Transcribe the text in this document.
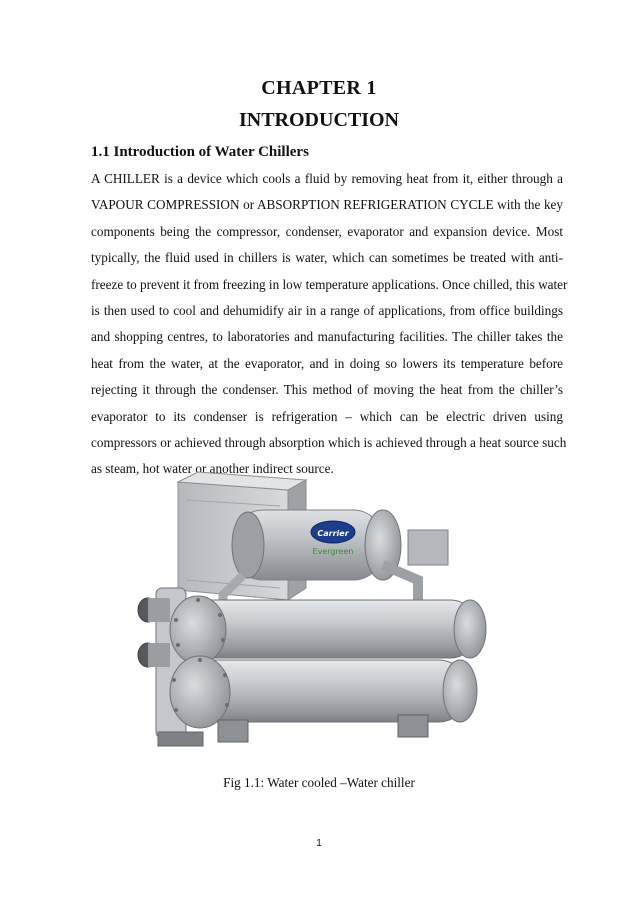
CHAPTER 1
INTRODUCTION
1.1 Introduction of Water Chillers
A CHILLER is a device which cools a fluid by removing heat from it, either through a
VAPOUR COMPRESSION or ABSORPTION REFRIGERATION CYCLE with the key
components being the compressor, condenser, evaporator and expansion device. Most
typically, the fluid used in chillers is water, which can sometimes be treated with anti-
freeze to prevent it from freezing in low temperature applications. Once chilled, this water
is then used to cool and dehumidify air in a range of applications, from office buildings
and shopping centres, to laboratories and manufacturing facilities. The chiller takes the
heat from the water, at the evaporator, and in doing so lowers its temperature before
rejecting it through the condenser. This method of moving the heat from the chiller’s
evaporator to its condenser is refrigeration – which can be electric driven using
compressors or achieved through absorption which is achieved through a heat source such
as steam, hot water or another indirect source.
Carrier
Evergreen
Fig 1.1: Water cooled –Water chiller
1
